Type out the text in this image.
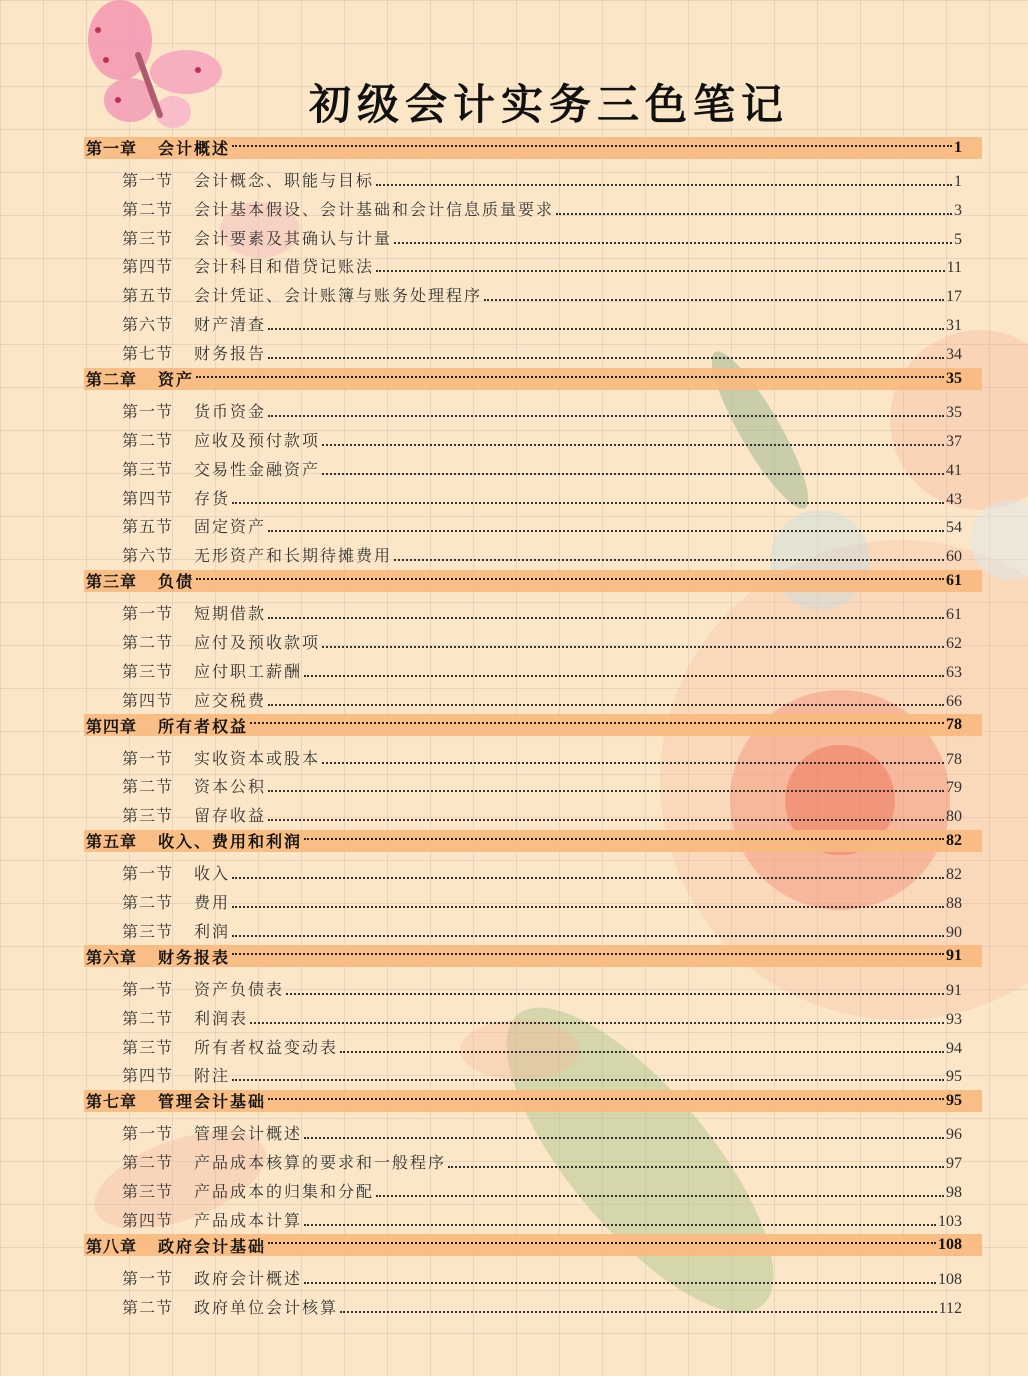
初级会计实务三色笔记
第一章	会计概述	1
第一节	会计概念、职能与目标	1
第二节	会计基本假设、会计基础和会计信息质量要求	3
第三节	会计要素及其确认与计量	5
第四节	会计科目和借贷记账法	11
第五节	会计凭证、会计账簿与账务处理程序	17
第六节	财产清查	31
第七节	财务报告	34
第二章	资产	35
第一节	货币资金	35
第二节	应收及预付款项	37
第三节	交易性金融资产	41
第四节	存货	43
第五节	固定资产	54
第六节	无形资产和长期待摊费用	60
第三章	负债	61
第一节	短期借款	61
第二节	应付及预收款项	62
第三节	应付职工薪酬	63
第四节	应交税费	66
第四章	所有者权益	78
第一节	实收资本或股本	78
第二节	资本公积	79
第三节	留存收益	80
第五章	收入、费用和利润	82
第一节	收入	82
第二节	费用	88
第三节	利润	90
第六章	财务报表	91
第一节	资产负债表	91
第二节	利润表	93
第三节	所有者权益变动表	94
第四节	附注	95
第七章	管理会计基础	95
第一节	管理会计概述	96
第二节	产品成本核算的要求和一般程序	97
第三节	产品成本的归集和分配	98
第四节	产品成本计算	103
第八章	政府会计基础	108
第一节	政府会计概述	108
第二节	政府单位会计核算	112
